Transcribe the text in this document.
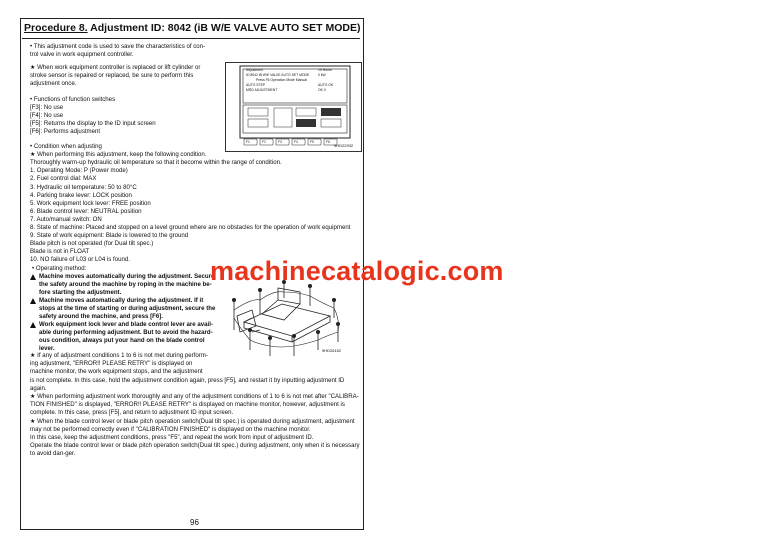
Procedure 8. Adjustment ID: 8042 (iB W/E VALVE AUTO SET MODE)
• This adjustment code is used to save the characteristics of con-
trol valve in work equipment controller.
★ When work equipment controller is replaced or lift cylinder or
stroke sensor is repaired or replaced, be sure to perform this
adjustment once.
• Functions of function switches
[F3]: No use
[F4]: No use
[F5]: Returns the display to the ID input screen
[F6]: Performs adjustment
Adjustment	15 Hours
ID 8042 iB W/E VALVE AUTO SET MODE	0 kW
Press F6 Operation Mode Manual
AUTO STEP	AUTO OK
MRD ADJUSTMENT	OK 0
F1	F2	F3	F4	F5	F6
9HD22932
• Condition when adjusting
★ When performing this adjustment, keep the following condition.
Thoroughly warm-up hydraulic oil temperature so that it become within the range of condition.
1. Operating Mode: P (Power mode)
2. Fuel control dial: MAX
3. Hydraulic oil temperature: 50 to 80°C
4. Parking brake lever: LOCK position
5. Work equipment lock lever: FREE position
6. Blade control lever: NEUTRAL position
7. Auto/manual switch: ON
8. State of machine: Placed and stopped on a level ground where are no obstacles for the operation of work equipment
9. State of work equipment: Blade is lowered to the ground
Blade pitch is not operated (for Dual tilt spec.)
Blade is not in FLOAT
10. NO failure of L03 or L04 is found.
• Operating method:
Machine moves automatically during the adjustment. Secure
the safety around the machine by roping in the machine be-
fore starting the adjustment.
Machine moves automatically during the adjustment. If it
stops at the time of starting or during adjustment, secure the
safety around the machine, and press [F6].
Work equipment lock lever and blade control lever are avail-
able during performing adjustment. But to avoid the hazard-
ous condition, always put your hand on the blade control
lever.	9HD26152
★ If any of adjustment conditions 1 to 6 is not met during perform-
ing adjustment, "ERROR!! PLEASE RETRY" is displayed on
machine monitor, the work equipment stops, and the adjustment
is not complete. In this case, hold the adjustment condition again, press [F5], and restart it by inputting adjustment ID
again.
★ When performing adjustment work thoroughly and any of the adjustment conditions of 1 to 6 is not met after "CALIBRA-
TION FINISHED" is displayed, "ERROR!! PLEASE RETRY" is displayed on machine monitor, however, adjustment is
complete. In this case, press [F5], and return to adjustment ID input screen.
★ When the blade control lever or blade pitch operation switch(Dual tilt spec.) is operated during adjustment, adjustment
may not be performed correctly even if "CALIBRATION FINISHED" is displayed on the machine monitor.
In this case, keep the adjustment conditions, press "F5", and repeat the work from input of adjustment ID.
Operate the blade control lever or blade pitch operation switch(Dual tilt spec.) during adjustment, only when it is necessary
to avoid dan-ger.
96
machinecatalogic.com
